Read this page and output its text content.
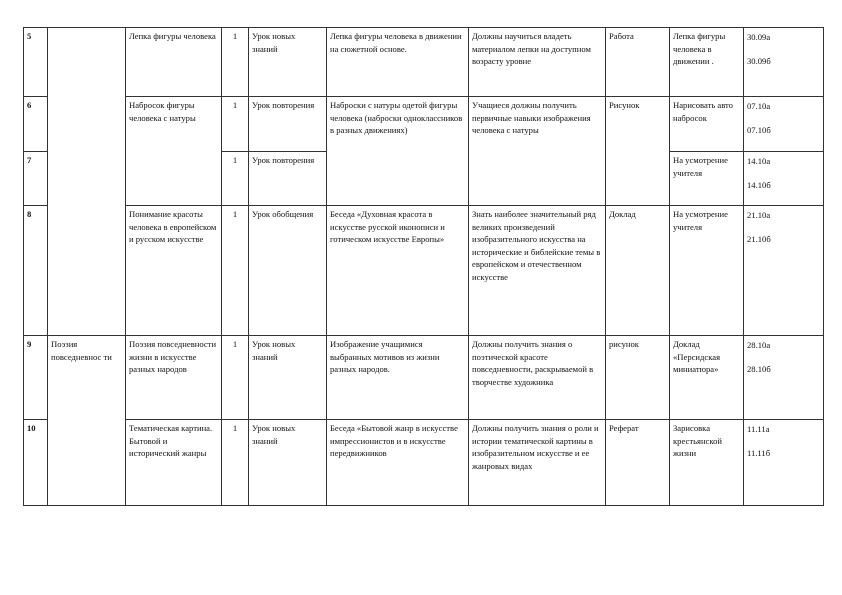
5		Лепка фигуры человека	1	Урок новых знаний	Лепка фигуры человека в движении на сюжетной основе.	Должны научиться владеть материалом лепки на доступном возрасту уровне	Работа	Лепка фигуры человека в движении .	30.09а
30.09б

6		Набросок фигуры человека с натуры	1	Урок повторения	Наброски с натуры одетой фигуры человека (наброски одноклассников в разных движениях)	Учащиеся должны получить первичные навыки изображения человека с натуры	Рисунок	Нарисовать авто набросок	07.10а
07.10б

7			1	Урок повторения				На усмотрение учителя	14.10а
14.10б

8		Понимание красоты человека в европейском и русском искусстве	1	Урок обобщения	Беседа «Духовная красота в искусстве русской иконописи и готическом искусстве Европы»	Знать наиболее значительный ряд великих произведений изобразительного искусства на исторические и библейские темы в европейском и отечественном искусстве	Доклад	На усмотрение учителя	21.10а
21.10б

9	Поэзия повседневнос ти	Поэзия повседневности жизни в искусстве разных народов	1	Урок новых знаний	Изображение учащимися выбранных мотивов из жизни разных народов.	Должны получить знания о поэтической красоте повседневности, раскрываемой в творчестве художника	рисунок	Доклад «Персидская миниатюра»	28.10а
28.10б

10		Тематическая картина. Бытовой и исторический жанры	1	Урок новых знаний	Беседа «Бытовой жанр в искусстве импрессионистов и в искусстве передвижников	Должны получить знания о роли и истории тематической картины в изобразительном искусстве и ее жанровых видах	Реферат	Зарисовка крестьянской жизни	11.11а
11.11б
